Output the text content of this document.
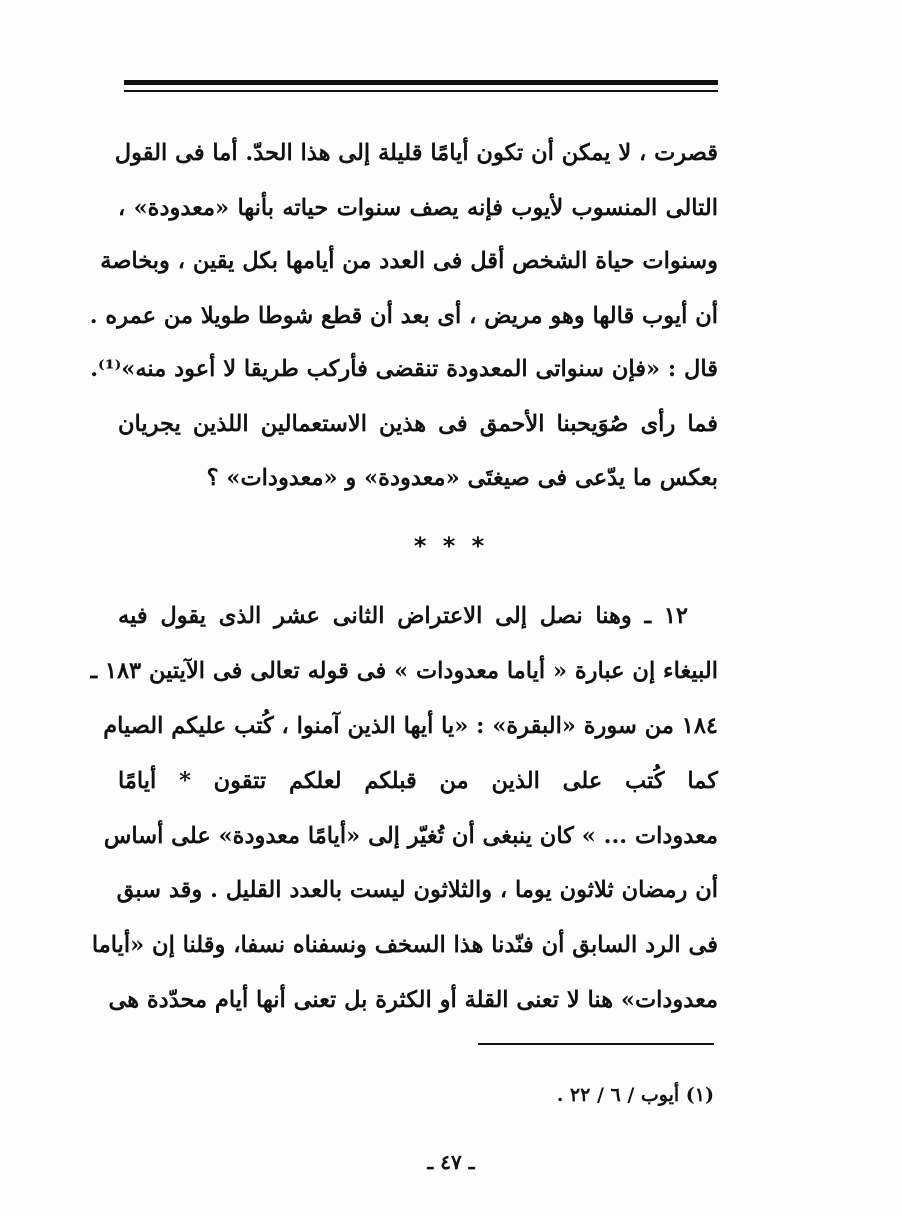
قصرت ، لا يمكن أن تكون أيامًا قليلة إلى هذا الحدّ. أما فى القول
التالى المنسوب لأيوب فإنه يصف سنوات حياته بأنها «معدودة» ،
وسنوات حياة الشخص أقل فى العدد من أيامها بكل يقين ، وبخاصة
أن أيوب قالها وهو مريض ، أى بعد أن قطع شوطا طويلا من عمره .
قال : «فإن سنواتى المعدودة تنقضى فأركب طريقا لا أعود منه»⁽¹⁾.
فما رأى صُوَيحبنا الأحمق فى هذين الاستعمالين اللذين يجريان
بعكس ما يدّعى فى صيغتَى «معدودة» و «معدودات» ؟
* * *
١٢ ـ وهنا نصل إلى الاعتراض الثانى عشر الذى يقول فيه
البيغاء إن عبارة « أياما معدودات » فى قوله تعالى فى الآيتين ١٨٣ ـ
١٨٤ من سورة «البقرة» : «يا أيها الذين آمنوا ، كُتب عليكم الصيام
كما كُتب على الذين من قبلكم لعلكم تتقون * أيامًا
معدودات ... » كان ينبغى أن تُغيّر إلى «أيامًا معدودة» على أساس
أن رمضان ثلاثون يوما ، والثلاثون ليست بالعدد القليل . وقد سبق
فى الرد السابق أن فنّدنا هذا السخف ونسفناه نسفا، وقلنا إن «أياما
معدودات» هنا لا تعنى القلة أو الكثرة بل تعنى أنها أيام محدّدة هى
(١) أيوب / ٦ / ٢٢ .
ـ ٤٧ ـ
